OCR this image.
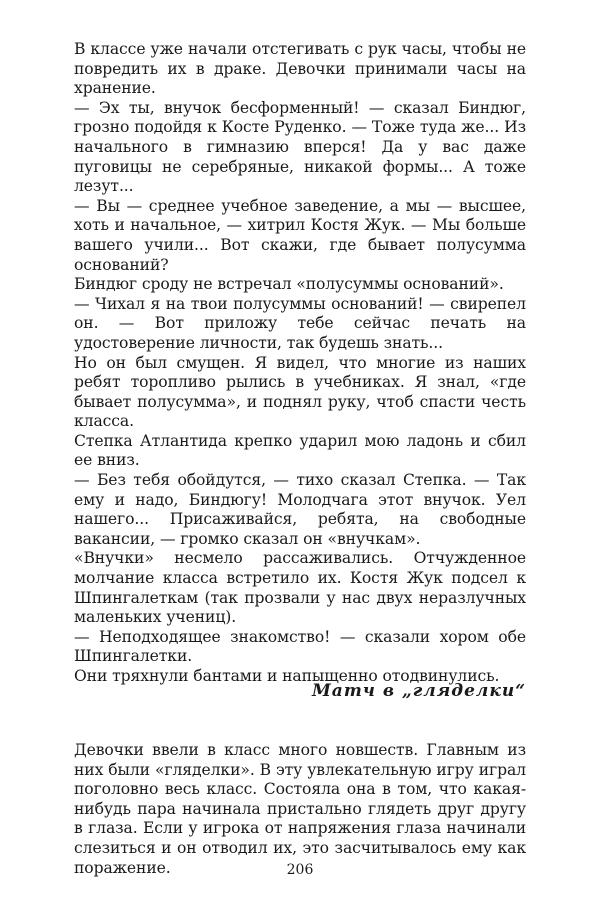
В классе уже начали отстегивать с рук часы, чтобы не повредить их в драке. Девочки принимали часы на хранение.

— Эх ты, внучок бесформенный! — сказал Биндюг, грозно подойдя к Косте Руденко. — Тоже туда же... Из начального в гимназию вперся! Да у вас даже пуговицы не серебряные, никакой формы... А тоже лезут...

— Вы — среднее учебное заведение, а мы — высшее, хоть и начальное, — хитрил Костя Жук. — Мы больше вашего учили... Вот скажи, где бывает полусумма оснований?

Биндюг сроду не встречал «полусуммы оснований».

— Чихал я на твои полусуммы оснований! — свирепел он. — Вот приложу тебе сейчас печать на удостоверение личности, так будешь знать...

Но он был смущен. Я видел, что многие из наших ребят торопливо рылись в учебниках. Я знал, «где бывает полусумма», и поднял руку, чтоб спасти честь класса.

Степка Атлантида крепко ударил мою ладонь и сбил ее вниз.

— Без тебя обойдутся, — тихо сказал Степка. — Так ему и надо, Биндюгу! Молодчага этот внучок. Уел нашего... Присаживайся, ребята, на свободные вакансии, — громко сказал он «внучкам».

«Внучки» несмело рассаживались. Отчужденное молчание класса встретило их. Костя Жук подсел к Шпингалеткам (так прозвали у нас двух неразлучных маленьких учениц).

— Неподходящее знакомство! — сказали хором обе Шпингалетки.

Они тряхнули бантами и напыщенно отодвинулись.

Матч в „гляделки“

Девочки ввели в класс много новшеств. Главным из них были «гляделки». В эту увлекательную игру играл поголовно весь класс. Состояла она в том, что какая-нибудь пара начинала пристально глядеть друг другу в глаза. Если у игрока от напряжения глаза начинали слезиться и он отводил их, это засчитывалось ему как поражение.	206
